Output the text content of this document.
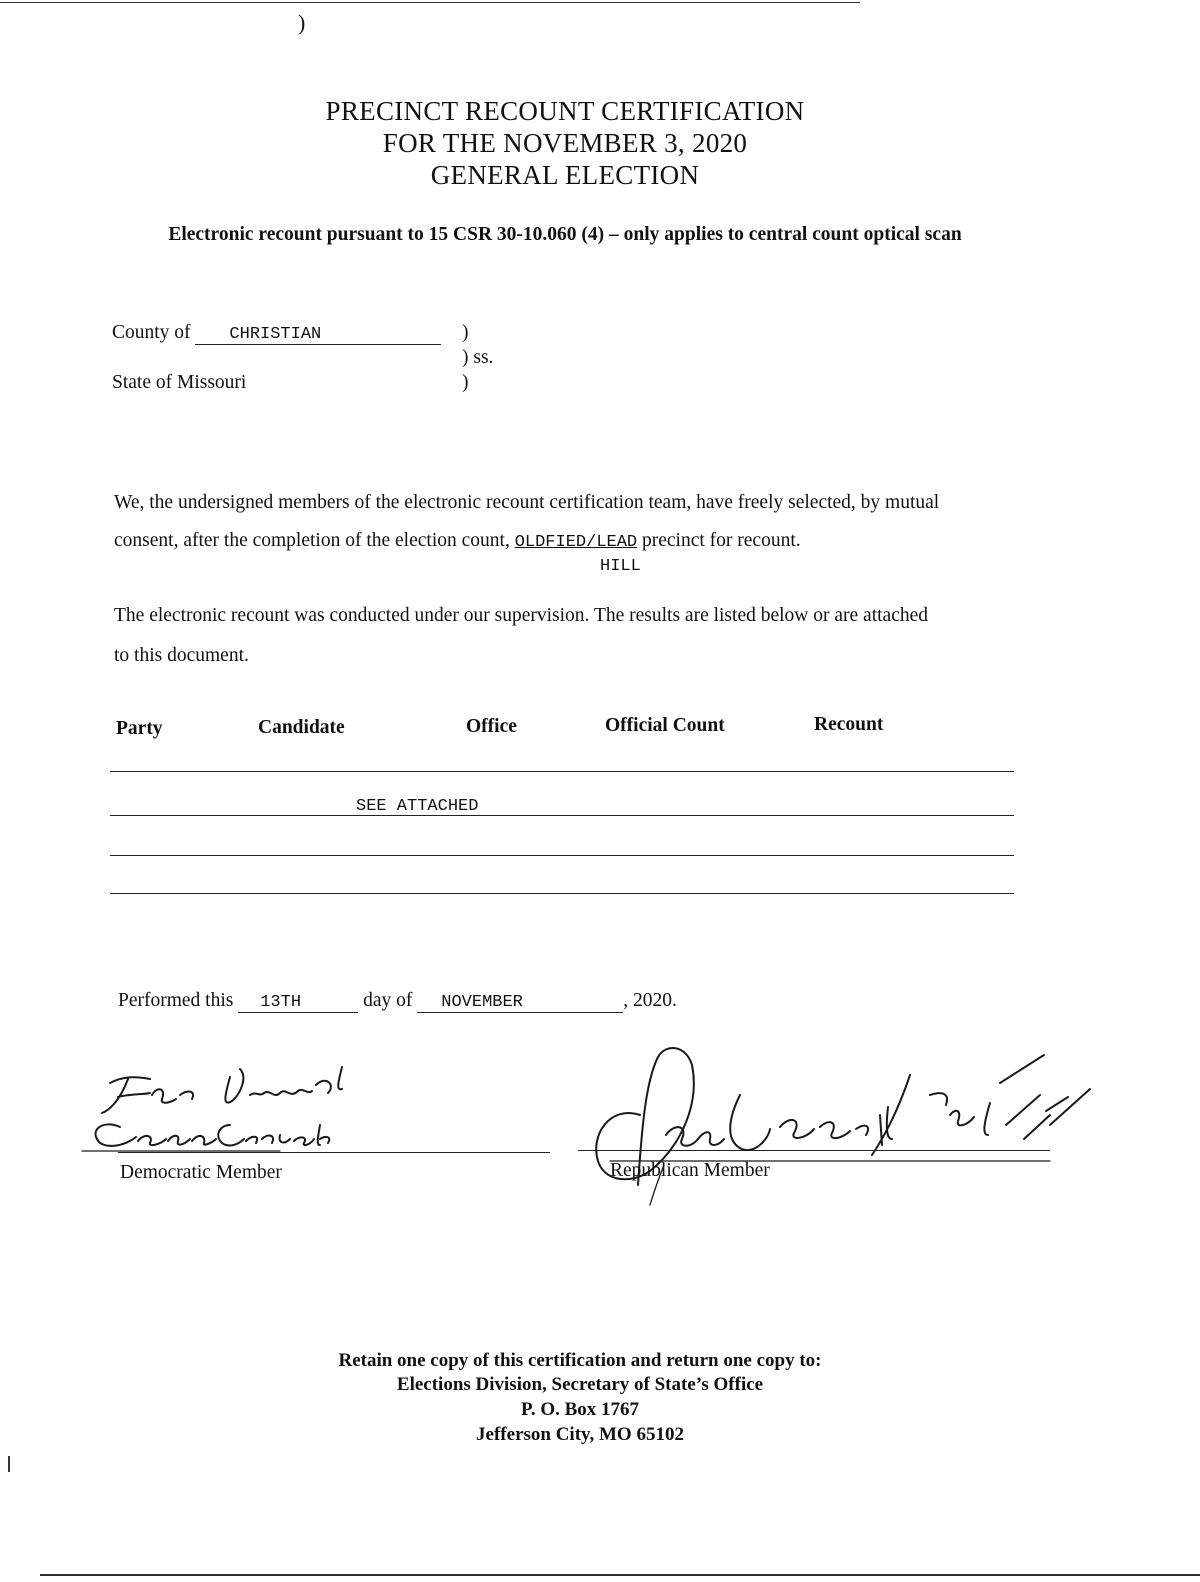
)
PRECINCT RECOUNT CERTIFICATION
FOR THE NOVEMBER 3, 2020
GENERAL ELECTION
Electronic recount pursuant to 15 CSR 30-10.060 (4) – only applies to central count optical scan
County of CHRISTIAN	)
) ss.
State of Missouri	)
We, the undersigned members of the electronic recount certification team, have freely selected, by mutual
consent, after the completion of the election count, OLDFIED/LEAD precinct for recount.
HILL
The electronic recount was conducted under our supervision. The results are listed below or are attached
to this document.
Party	Candidate	Office	Official Count	Recount
SEE ATTACHED
Performed this 13TH	day of NOVEMBER	, 2020.
Democratic Member	Republican Member
Retain one copy of this certification and return one copy to:
Elections Division, Secretary of State’s Office
P. O. Box 1767
Jefferson City, MO 65102
